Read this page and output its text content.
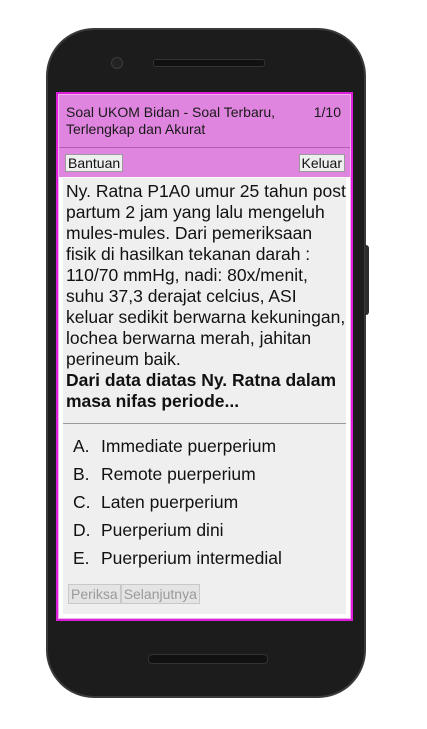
Soal UKOM Bidan - Soal Terbaru, Terlengkap dan Akurat
1/10
Bantuan	Keluar
Ny. Ratna P1A0 umur 25 tahun post partum 2 jam yang lalu mengeluh mules-mules. Dari pemeriksaan fisik di hasilkan tekanan darah : 110/70 mmHg, nadi: 80x/menit, suhu 37,3 derajat celcius, ASI keluar sedikit berwarna kekuningan, lochea berwarna merah, jahitan perineum baik.
Dari data diatas Ny. Ratna dalam masa nifas periode...
A. Immediate puerperium
B. Remote puerperium
C. Laten puerperium
D. Puerperium dini
E. Puerperium intermedial
Periksa Selanjutnya
